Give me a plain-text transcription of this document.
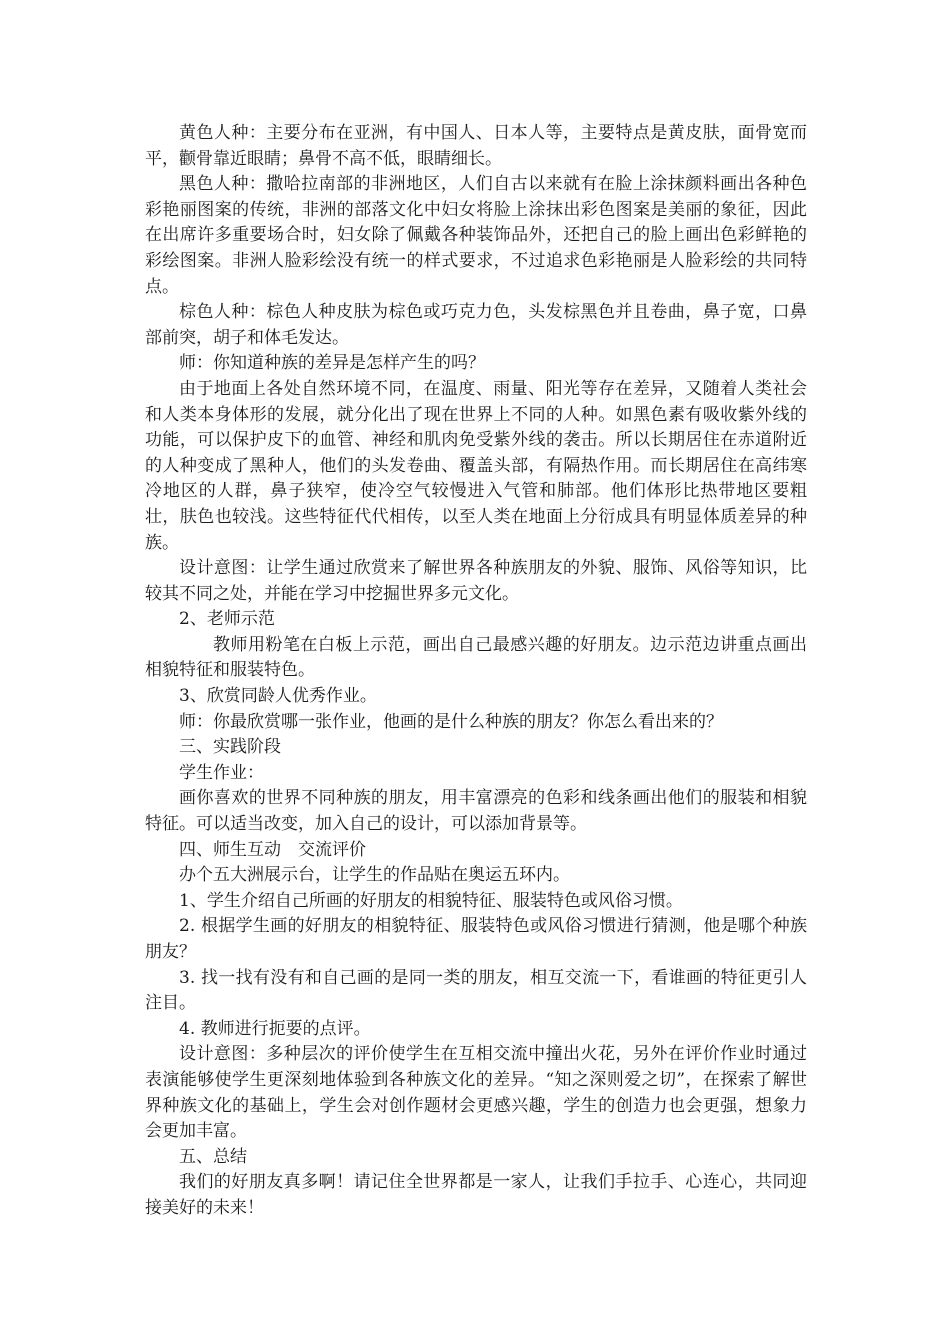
黄色人种：主要分布在亚洲，有中国人、日本人等，主要特点是黄皮肤，面骨宽而平，颧骨靠近眼睛；鼻骨不高不低，眼睛细长。

黑色人种：撒哈拉南部的非洲地区，人们自古以来就有在脸上涂抹颜料画出各种色彩艳丽图案的传统，非洲的部落文化中妇女将脸上涂抹出彩色图案是美丽的象征，因此在出席许多重要场合时，妇女除了佩戴各种装饰品外，还把自己的脸上画出色彩鲜艳的彩绘图案。非洲人脸彩绘没有统一的样式要求，不过追求色彩艳丽是人脸彩绘的共同特点。

棕色人种：棕色人种皮肤为棕色或巧克力色，头发棕黑色并且卷曲，鼻子宽，口鼻部前突，胡子和体毛发达。

师：你知道种族的差异是怎样产生的吗？

由于地面上各处自然环境不同，在温度、雨量、阳光等存在差异，又随着人类社会和人类本身体形的发展，就分化出了现在世界上不同的人种。如黑色素有吸收紫外线的功能，可以保护皮下的血管、神经和肌肉免受紫外线的袭击。所以长期居住在赤道附近的人种变成了黑种人，他们的头发卷曲、覆盖头部，有隔热作用。而长期居住在高纬寒冷地区的人群，鼻子狭窄，使冷空气较慢进入气管和肺部。他们体形比热带地区要粗壮，肤色也较浅。这些特征代代相传，以至人类在地面上分衍成具有明显体质差异的种族。

设计意图：让学生通过欣赏来了解世界各种族朋友的外貌、服饰、风俗等知识，比较其不同之处，并能在学习中挖掘世界多元文化。

2、老师示范

教师用粉笔在白板上示范，画出自己最感兴趣的好朋友。边示范边讲重点画出相貌特征和服装特色。

3、欣赏同龄人优秀作业。

师：你最欣赏哪一张作业，他画的是什么种族的朋友？你怎么看出来的？

三、实践阶段

学生作业：

画你喜欢的世界不同种族的朋友，用丰富漂亮的色彩和线条画出他们的服装和相貌特征。可以适当改变，加入自己的设计，可以添加背景等。

四、师生互动　交流评价

办个五大洲展示台，让学生的作品贴在奥运五环内。

1、学生介绍自己所画的好朋友的相貌特征、服装特色或风俗习惯。

2. 根据学生画的好朋友的相貌特征、服装特色或风俗习惯进行猜测，他是哪个种族朋友？

3. 找一找有没有和自己画的是同一类的朋友，相互交流一下，看谁画的特征更引人注目。

4. 教师进行扼要的点评。

设计意图：多种层次的评价使学生在互相交流中撞出火花，另外在评价作业时通过表演能够使学生更深刻地体验到各种族文化的差异。“知之深则爱之切”，在探索了解世界种族文化的基础上，学生会对创作题材会更感兴趣，学生的创造力也会更强，想象力会更加丰富。

五、总结

我们的好朋友真多啊！请记住全世界都是一家人，让我们手拉手、心连心，共同迎接美好的未来！
